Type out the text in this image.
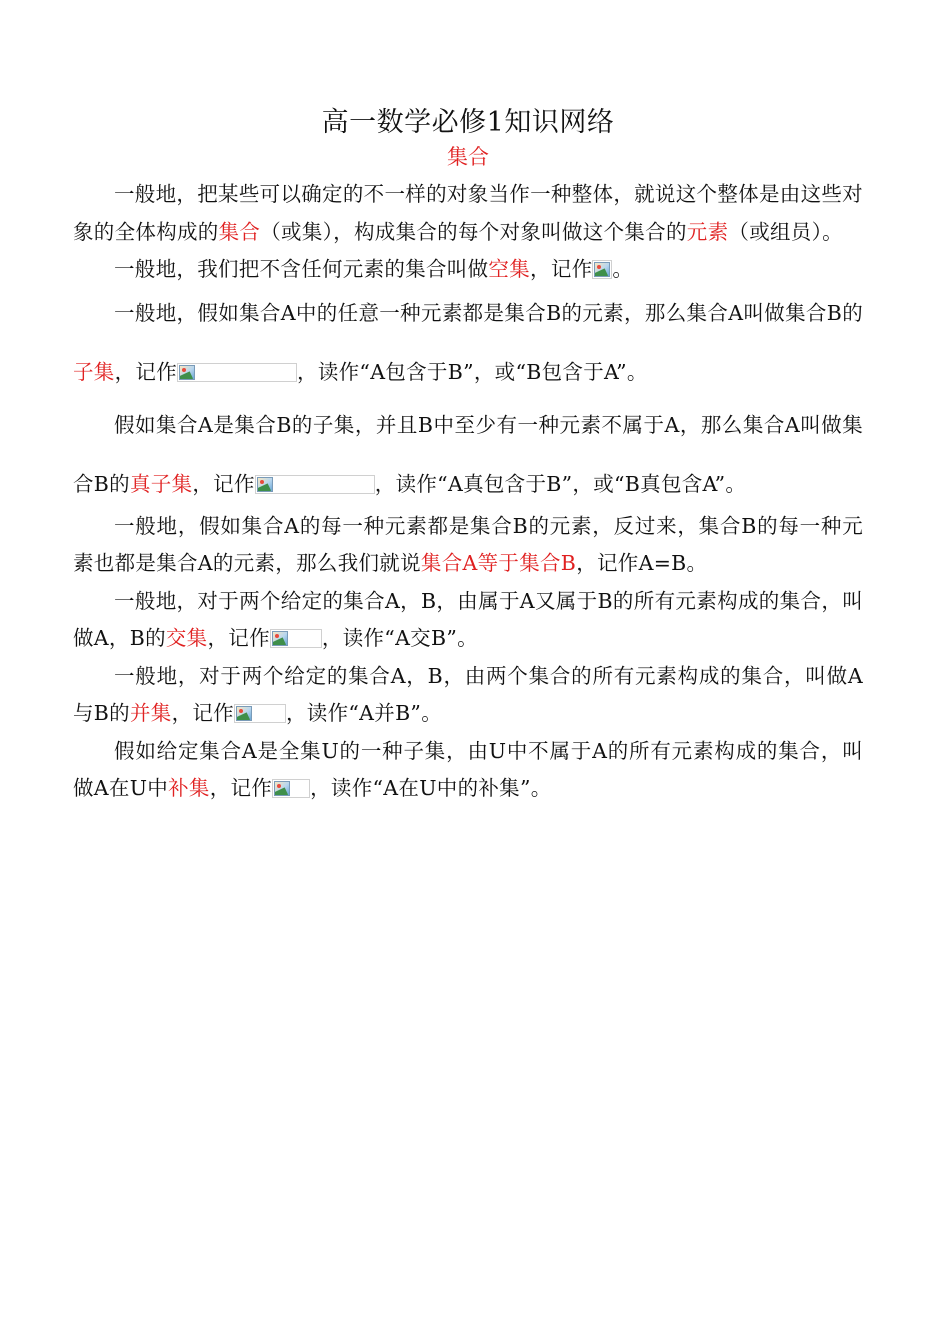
高一数学必修1知识网络
集合

一般地，把某些可以确定的不一样的对象当作一种整体，就说这个整体是由这些对象的全体构成的集合（或集），构成集合的每个对象叫做这个集合的元素（或组员）。

一般地，我们把不含任何元素的集合叫做空集，记作 。

一般地，假如集合A中的任意一种元素都是集合B的元素，那么集合A叫做集合B的子集，记作	，读作“A包含于B”，或“B包含于A”。

假如集合A是集合B的子集，并且B中至少有一种元素不属于A，那么集合A叫做集合B的真子集，记作	，读作“A真包含于B”，或“B真包含A”。

一般地，假如集合A的每一种元素都是集合B的元素，反过来，集合B的每一种元素也都是集合A的元素，那么我们就说集合A等于集合B，记作A=B。

一般地，对于两个给定的集合A，B，由属于A又属于B的所有元素构成的集合，叫做A，B的交集，记作	，读作“A交B”。

一般地，对于两个给定的集合A，B，由两个集合的所有元素构成的集合，叫做A与B的并集，记作	，读作“A并B”。

假如给定集合A是全集U的一种子集，由U中不属于A的所有元素构成的集合，叫做A在U中补集，记作 ，读作“A在U中的补集”。
